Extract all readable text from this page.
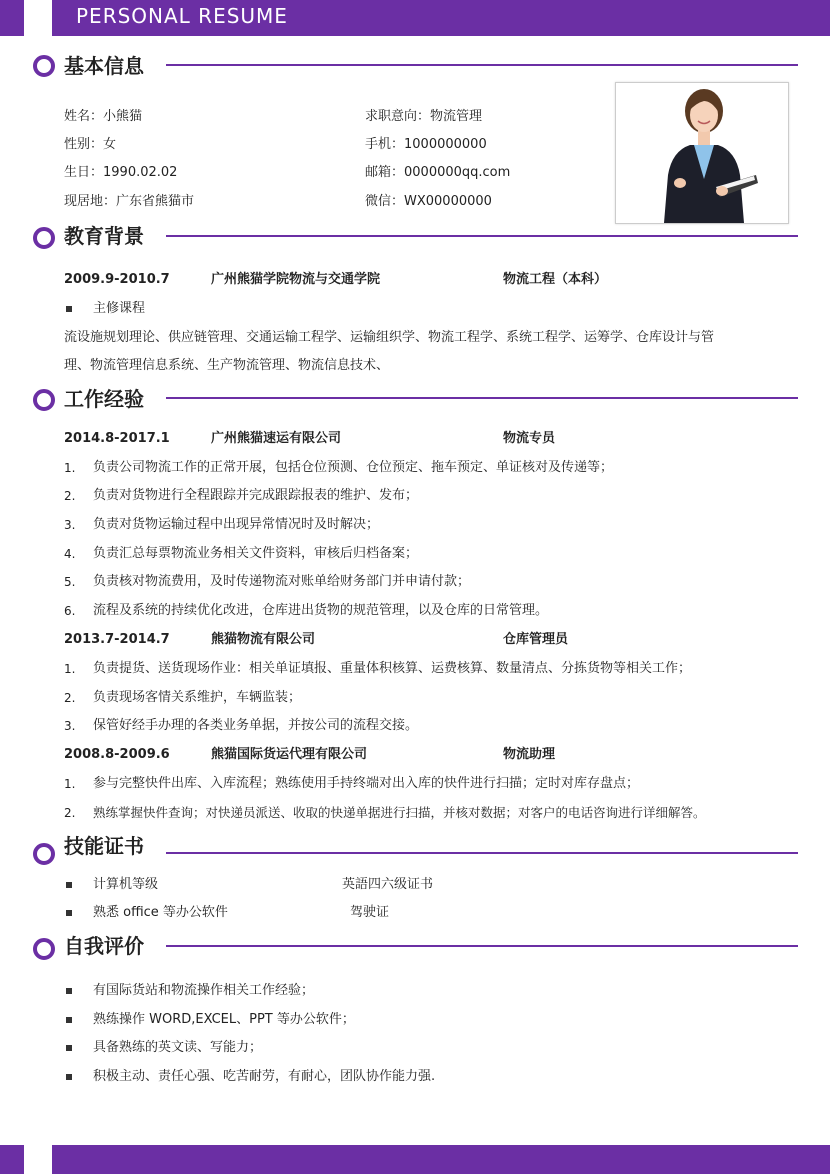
PERSONAL RESUME
基本信息
姓名：小熊猫
性别：女
生日：1990.02.02
现居地：广东省熊猫市
求职意向：物流管理
手机：1000000000
邮箱：0000000qq.com
微信：WX00000000
教育背景
2009.9-2010.7	广州熊猫学院物流与交通学院	物流工程（本科）
主修课程
流设施规划理论、供应链管理、交通运输工程学、运输组织学、物流工程学、系统工程学、运筹学、仓库设计与管
理、物流管理信息系统、生产物流管理、物流信息技术、
工作经验
2014.8-2017.1	广州熊猫速运有限公司	物流专员
1. 负责公司物流工作的正常开展，包括仓位预测、仓位预定、拖车预定、单证核对及传递等；
2. 负责对货物进行全程跟踪并完成跟踪报表的维护、发布；
3. 负责对货物运输过程中出现异常情况时及时解决；
4. 负责汇总每票物流业务相关文件资料，审核后归档备案；
5. 负责核对物流费用，及时传递物流对账单给财务部门并申请付款；
6. 流程及系统的持续优化改进，仓库进出货物的规范管理，以及仓库的日常管理。
2013.7-2014.7	熊猫物流有限公司	仓库管理员
1. 负责提货、送货现场作业：相关单证填报、重量体积核算、运费核算、数量清点、分拣货物等相关工作；
2. 负责现场客情关系维护，车辆监装；
3. 保管好经手办理的各类业务单据，并按公司的流程交接。
2008.8-2009.6	熊猫国际货运代理有限公司	物流助理
1. 参与完整快件出库、入库流程；熟练使用手持终端对出入库的快件进行扫描；定时对库存盘点；
2. 熟练掌握快件查询；对快递员派送、收取的快递单据进行扫描，并核对数据；对客户的电话咨询进行详细解答。
技能证书
计算机等级	英語四六级证书
熟悉 office 等办公软件	驾驶证
自我评价
有国际货站和物流操作相关工作经验；
熟练操作 WORD,EXCEL、PPT 等办公软件；
具备熟练的英文读、写能力；
积极主动、责任心强、吃苦耐劳，有耐心，团队协作能力强.
